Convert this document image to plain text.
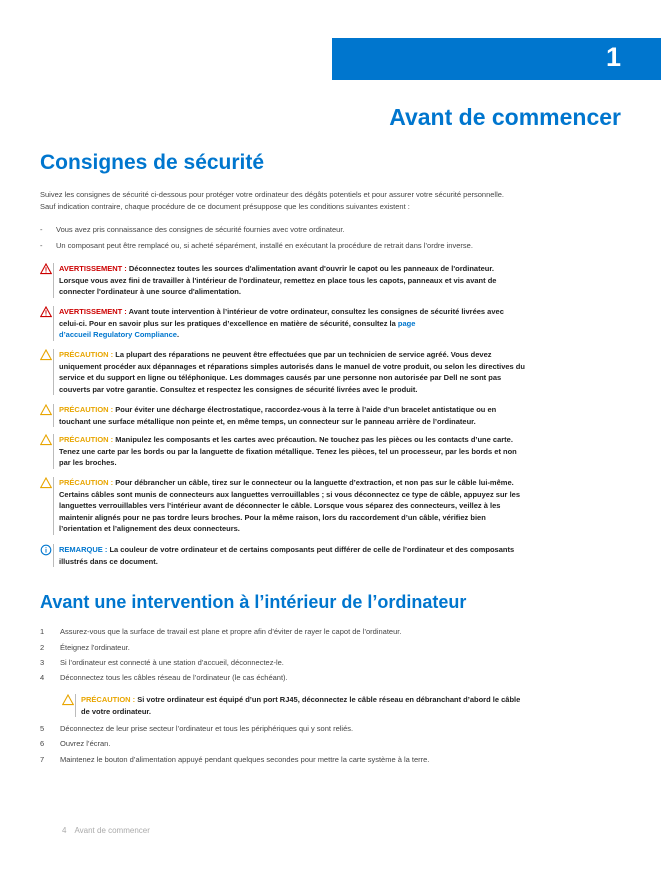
1
Avant de commencer
Consignes de sécurité
Suivez les consignes de sécurité ci-dessous pour protéger votre ordinateur des dégâts potentiels et pour assurer votre sécurité personnelle.
Sauf indication contraire, chaque procédure de ce document présuppose que les conditions suivantes existent :
- Vous avez pris connaissance des consignes de sécurité fournies avec votre ordinateur.
- Un composant peut être remplacé ou, si acheté séparément, installé en exécutant la procédure de retrait dans l’ordre inverse.
AVERTISSEMENT : Déconnectez toutes les sources d'alimentation avant d'ouvrir le capot ou les panneaux de l'ordinateur.
Lorsque vous avez fini de travailler à l'intérieur de l'ordinateur, remettez en place tous les capots, panneaux et vis avant de
connecter l'ordinateur à une source d'alimentation.
AVERTISSEMENT : Avant toute intervention à l’intérieur de votre ordinateur, consultez les consignes de sécurité livrées avec
celui-ci. Pour en savoir plus sur les pratiques d’excellence en matière de sécurité, consultez la page
d’accueil Regulatory Compliance.
PRÉCAUTION : La plupart des réparations ne peuvent être effectuées que par un technicien de service agréé. Vous devez
uniquement procéder aux dépannages et réparations simples autorisés dans le manuel de votre produit, ou selon les directives du
service et du support en ligne ou téléphonique. Les dommages causés par une personne non autorisée par Dell ne sont pas
couverts par votre garantie. Consultez et respectez les consignes de sécurité livrées avec le produit.
PRÉCAUTION : Pour éviter une décharge électrostatique, raccordez-vous à la terre à l’aide d’un bracelet antistatique ou en
touchant une surface métallique non peinte et, en même temps, un connecteur sur le panneau arrière de l’ordinateur.
PRÉCAUTION : Manipulez les composants et les cartes avec précaution. Ne touchez pas les pièces ou les contacts d’une carte.
Tenez une carte par les bords ou par la languette de fixation métallique. Tenez les pièces, tel un processeur, par les bords et non
par les broches.
PRÉCAUTION : Pour débrancher un câble, tirez sur le connecteur ou la languette d’extraction, et non pas sur le câble lui-même.
Certains câbles sont munis de connecteurs aux languettes verrouillables ; si vous déconnectez ce type de câble, appuyez sur les
languettes verrouillables vers l’intérieur avant de déconnecter le câble. Lorsque vous séparez des connecteurs, veillez à les
maintenir alignés pour ne pas tordre leurs broches. Pour la même raison, lors du raccordement d’un câble, vérifiez bien
l’orientation et l’alignement des deux connecteurs.
REMARQUE : La couleur de votre ordinateur et de certains composants peut différer de celle de l’ordinateur et des composants
illustrés dans ce document.
Avant une intervention à l’intérieur de l’ordinateur
1 Assurez-vous que la surface de travail est plane et propre afin d’éviter de rayer le capot de l’ordinateur.
2 Éteignez l'ordinateur.
3 Si l’ordinateur est connecté à une station d’accueil, déconnectez-le.
4 Déconnectez tous les câbles réseau de l’ordinateur (le cas échéant).
PRÉCAUTION : Si votre ordinateur est équipé d’un port RJ45, déconnectez le câble réseau en débranchant d’abord le câble
de votre ordinateur.
5 Déconnectez de leur prise secteur l’ordinateur et tous les périphériques qui y sont reliés.
6 Ouvrez l’écran.
7 Maintenez le bouton d’alimentation appuyé pendant quelques secondes pour mettre la carte système à la terre.
4 Avant de commencer
